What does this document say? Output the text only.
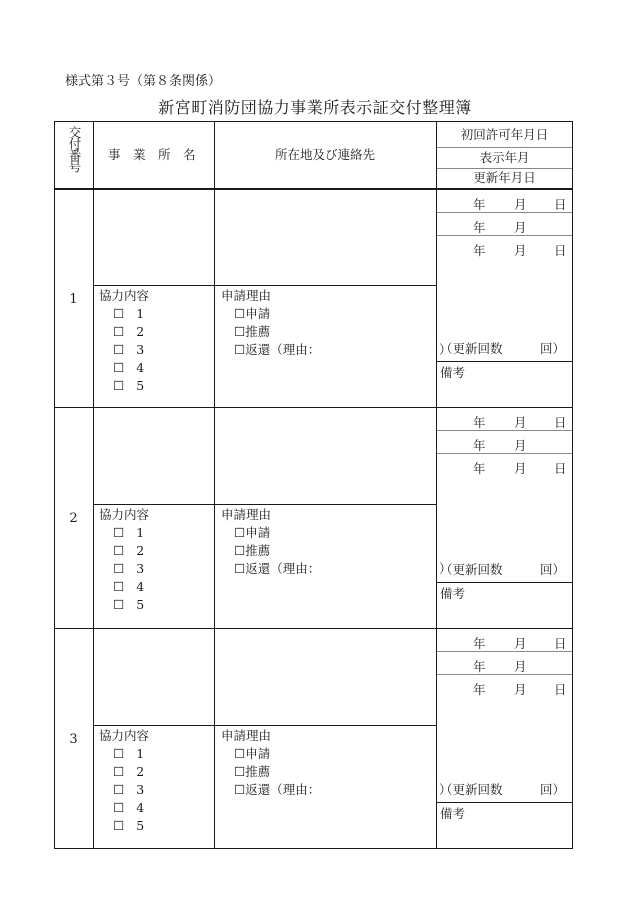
様式第３号（第８条関係）
新宮町消防団協力事業所表示証交付整理簿
交付番号 事　業　所　名	所在地及び連絡先
初回許可年月日
表示年月
更新年月日
1
年 月 日
年 月
年 月 日
（更新回数　　　回）
備考
協力内容
☐ 1
☐ 2
☐ 3
☐ 4
☐ 5
申請理由
☐申請
☐推薦
☐返還（理由：　　　　　　　　　　）
2
年 月 日
年 月
年 月 日
（更新回数　　　回）
備考
協力内容
☐ 1
☐ 2
☐ 3
☐ 4
☐ 5
申請理由
☐申請
☐推薦
☐返還（理由：　　　　　　　　　　）
3
年 月 日
年 月
年 月 日
（更新回数　　　回）
備考
協力内容
☐ 1
☐ 2
☐ 3
☐ 4
☐ 5
申請理由
☐申請
☐推薦
☐返還（理由：　　　　　　　　　　）
